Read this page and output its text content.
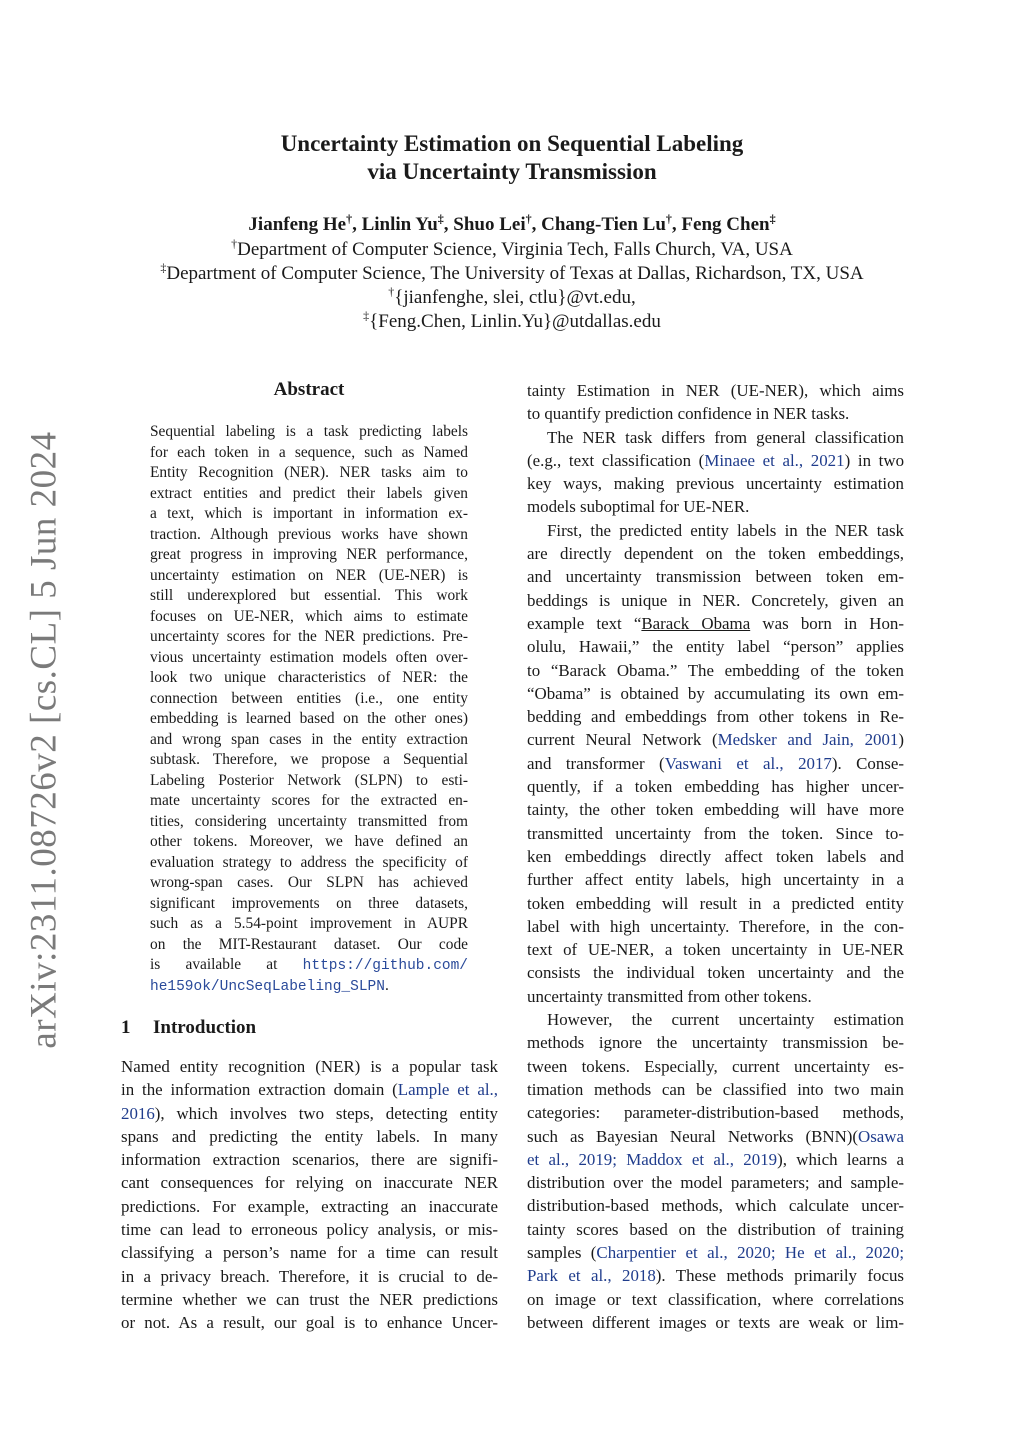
arXiv:2311.08726v2 [cs.CL] 5 Jun 2024
Uncertainty Estimation on Sequential Labeling
via Uncertainty Transmission
Jianfeng He†, Linlin Yu‡, Shuo Lei†, Chang-Tien Lu†, Feng Chen‡
†Department of Computer Science, Virginia Tech, Falls Church, VA, USA
‡Department of Computer Science, The University of Texas at Dallas, Richardson, TX, USA
†{jianfenghe, slei, ctlu}@vt.edu,
‡{Feng.Chen, Linlin.Yu}@utdallas.edu
Abstract
Sequential labeling is a task predicting labels
for each token in a sequence, such as Named
Entity Recognition (NER). NER tasks aim to
extract entities and predict their labels given
a text, which is important in information ex-
traction. Although previous works have shown
great progress in improving NER performance,
uncertainty estimation on NER (UE-NER) is
still underexplored but essential. This work
focuses on UE-NER, which aims to estimate
uncertainty scores for the NER predictions. Pre-
vious uncertainty estimation models often over-
look two unique characteristics of NER: the
connection between entities (i.e., one entity
embedding is learned based on the other ones)
and wrong span cases in the entity extraction
subtask. Therefore, we propose a Sequential
Labeling Posterior Network (SLPN) to esti-
mate uncertainty scores for the extracted en-
tities, considering uncertainty transmitted from
other tokens. Moreover, we have defined an
evaluation strategy to address the specificity of
wrong-span cases. Our SLPN has achieved
significant improvements on three datasets,
such as a 5.54-point improvement in AUPR
on the MIT-Restaurant dataset. Our code
is available at https://github.com/
he159ok/UncSeqLabeling_SLPN.
1 Introduction
Named entity recognition (NER) is a popular task
in the information extraction domain (Lample et al.,
2016), which involves two steps, detecting entity
spans and predicting the entity labels. In many
information extraction scenarios, there are signifi-
cant consequences for relying on inaccurate NER
predictions. For example, extracting an inaccurate
time can lead to erroneous policy analysis, or mis-
classifying a person’s name for a time can result
in a privacy breach. Therefore, it is crucial to de-
termine whether we can trust the NER predictions
or not. As a result, our goal is to enhance Uncer-
tainty Estimation in NER (UE-NER), which aims
to quantify prediction confidence in NER tasks.
The NER task differs from general classification
(e.g., text classification (Minaee et al., 2021) in two
key ways, making previous uncertainty estimation
models suboptimal for UE-NER.
First, the predicted entity labels in the NER task
are directly dependent on the token embeddings,
and uncertainty transmission between token em-
beddings is unique in NER. Concretely, given an
example text “Barack Obama was born in Hon-
olulu, Hawaii,” the entity label “person” applies
to “Barack Obama.” The embedding of the token
“Obama” is obtained by accumulating its own em-
bedding and embeddings from other tokens in Re-
current Neural Network (Medsker and Jain, 2001)
and transformer (Vaswani et al., 2017). Conse-
quently, if a token embedding has higher uncer-
tainty, the other token embedding will have more
transmitted uncertainty from the token. Since to-
ken embeddings directly affect token labels and
further affect entity labels, high uncertainty in a
token embedding will result in a predicted entity
label with high uncertainty. Therefore, in the con-
text of UE-NER, a token uncertainty in UE-NER
consists the individual token uncertainty and the
uncertainty transmitted from other tokens.
However, the current uncertainty estimation
methods ignore the uncertainty transmission be-
tween tokens. Especially, current uncertainty es-
timation methods can be classified into two main
categories: parameter-distribution-based methods,
such as Bayesian Neural Networks (BNN)(Osawa
et al., 2019; Maddox et al., 2019), which learns a
distribution over the model parameters; and sample-
distribution-based methods, which calculate uncer-
tainty scores based on the distribution of training
samples (Charpentier et al., 2020; He et al., 2020;
Park et al., 2018). These methods primarily focus
on image or text classification, where correlations
between different images or texts are weak or lim-
